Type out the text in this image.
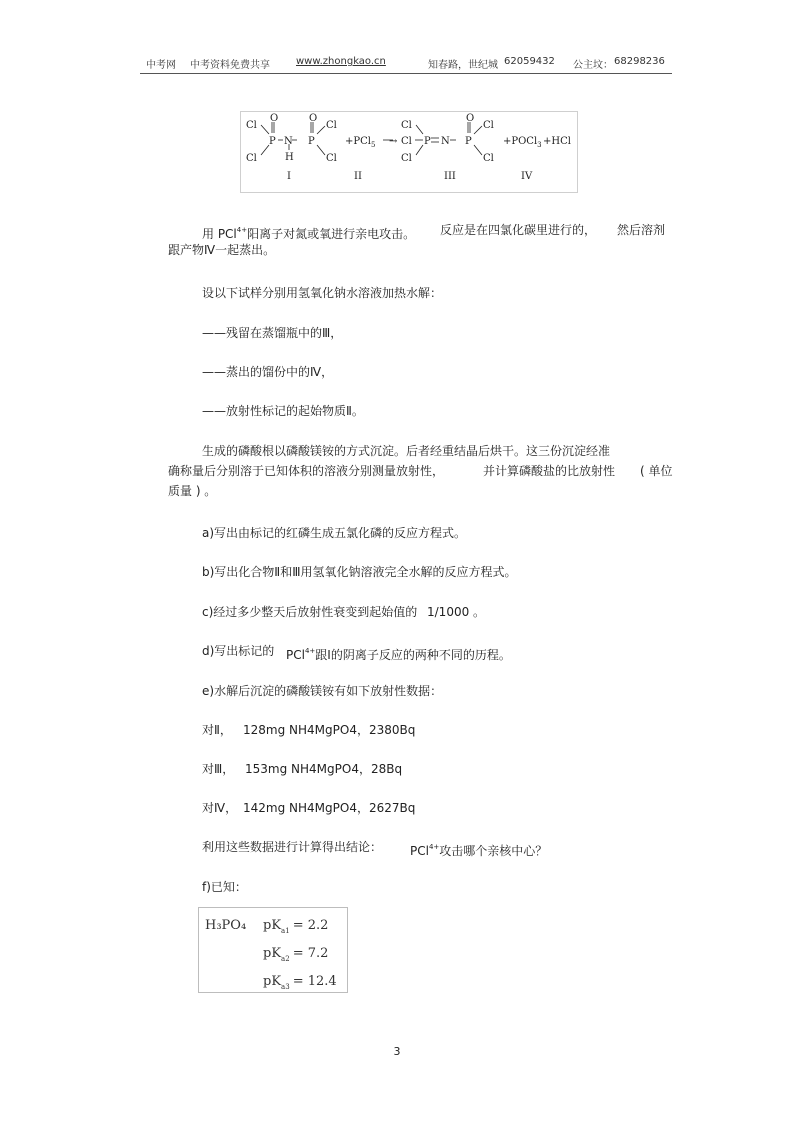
中考网 中考资料免费共享	www.zhongkao.cn	知春路，世纪城 62059432 公主坟： 68298236
Cl
Cl
O
P N
H
O
P
Cl
Cl
I
+PCl$_5$
II
→
Cl
Cl
Cl
P N
O
P
Cl
Cl
III
+POCl$_3$ +HCl
IV
用 PCl$^{4+}$阳离子对氮或氧进行亲电攻击。 反应是在四氯化碳里进行的， 然后溶剂
跟产物Ⅳ一起蒸出。
设以下试样分别用氢氧化钠水溶液加热水解：
——残留在蒸馏瓶中的Ⅲ，
——蒸出的馏份中的Ⅳ，
——放射性标记的起始物质Ⅱ。
生成的磷酸根以磷酸镁铵的方式沉淀。后者经重结晶后烘干。这三份沉淀经准
确称量后分别溶于已知体积的溶液分别测量放射性，	并计算磷酸盐的比放射性 ( 单位
质量 ) 。
a)写出由标记的红磷生成五氯化磷的反应方程式。
b)写出化合物Ⅱ和Ⅲ用氢氧化钠溶液完全水解的反应方程式。
c)经过多少整天后放射性衰变到起始值的 1/1000 。
d)写出标记的 PCl$^{4+}$跟Ⅰ的阴离子反应的两种不同的历程。
e)水解后沉淀的磷酸镁铵有如下放射性数据：
对Ⅱ， 128mg NH4MgPO4，2380Bq
对Ⅲ， 153mg NH4MgPO4， 28Bq
对Ⅳ， 142mg NH4MgPO4，2627Bq
利用这些数据进行计算得出结论： PCl$^{4+}$攻击哪个亲核中心？
f)已知：
H₃PO₄ $pK_{a1} = 2.2$
$pK_{a2} = 7.2$
$pK_{a3} = 12.4$
3
